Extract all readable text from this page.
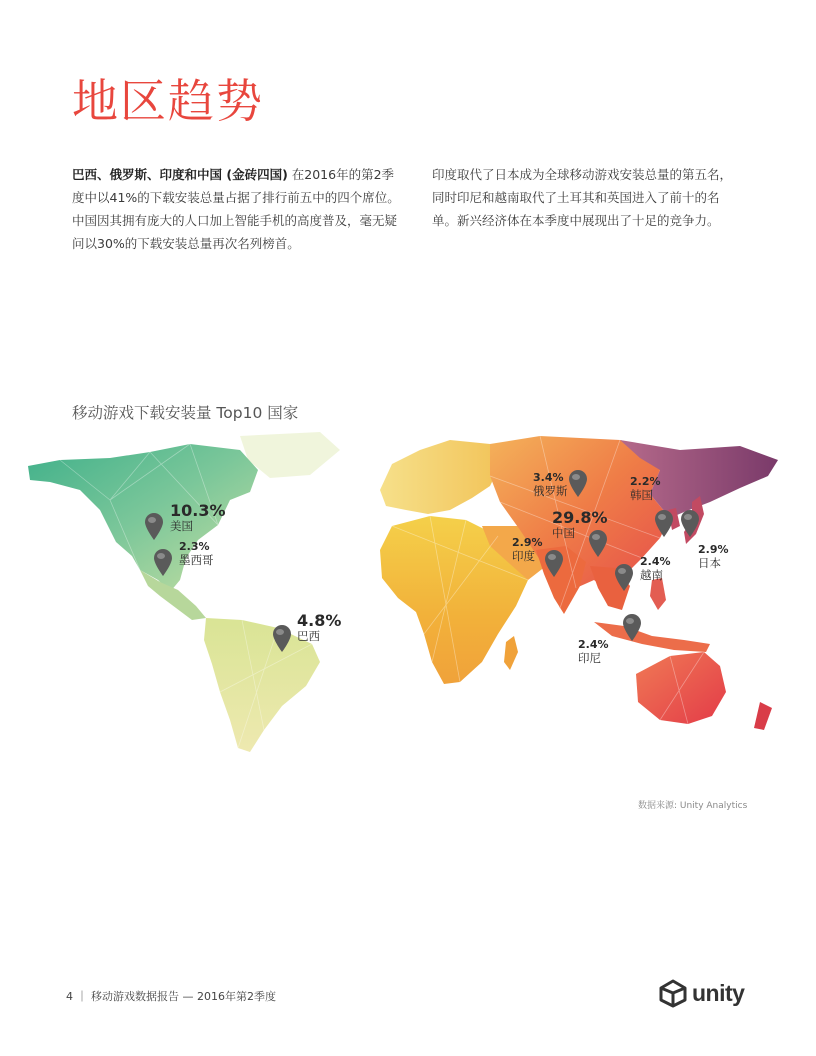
地区趋势

巴西、俄罗斯、印度和中国 (金砖四国) 在2016年的第2季度中以41%的下载安装总量占据了排行前五中的四个席位。中国因其拥有庞大的人口加上智能手机的高度普及，毫无疑问以30%的下载安装总量再次名列榜首。

印度取代了日本成为全球移动游戏安装总量的第五名，同时印尼和越南取代了土耳其和英国进入了前十的名单。新兴经济体在本季度中展现出了十足的竞争力。

移动游戏下载安装量 Top10 国家
10.3%
美国
2.3%
墨西哥
4.8%
巴西
3.4%
俄罗斯
29.8%
中国
2.9%
印度
2.2%
韩国
2.9%
日本
2.4%
越南
2.4%
印尼

数据来源: Unity Analytics

4 ｜ 移动游戏数据报告 — 2016年第2季度	unity
